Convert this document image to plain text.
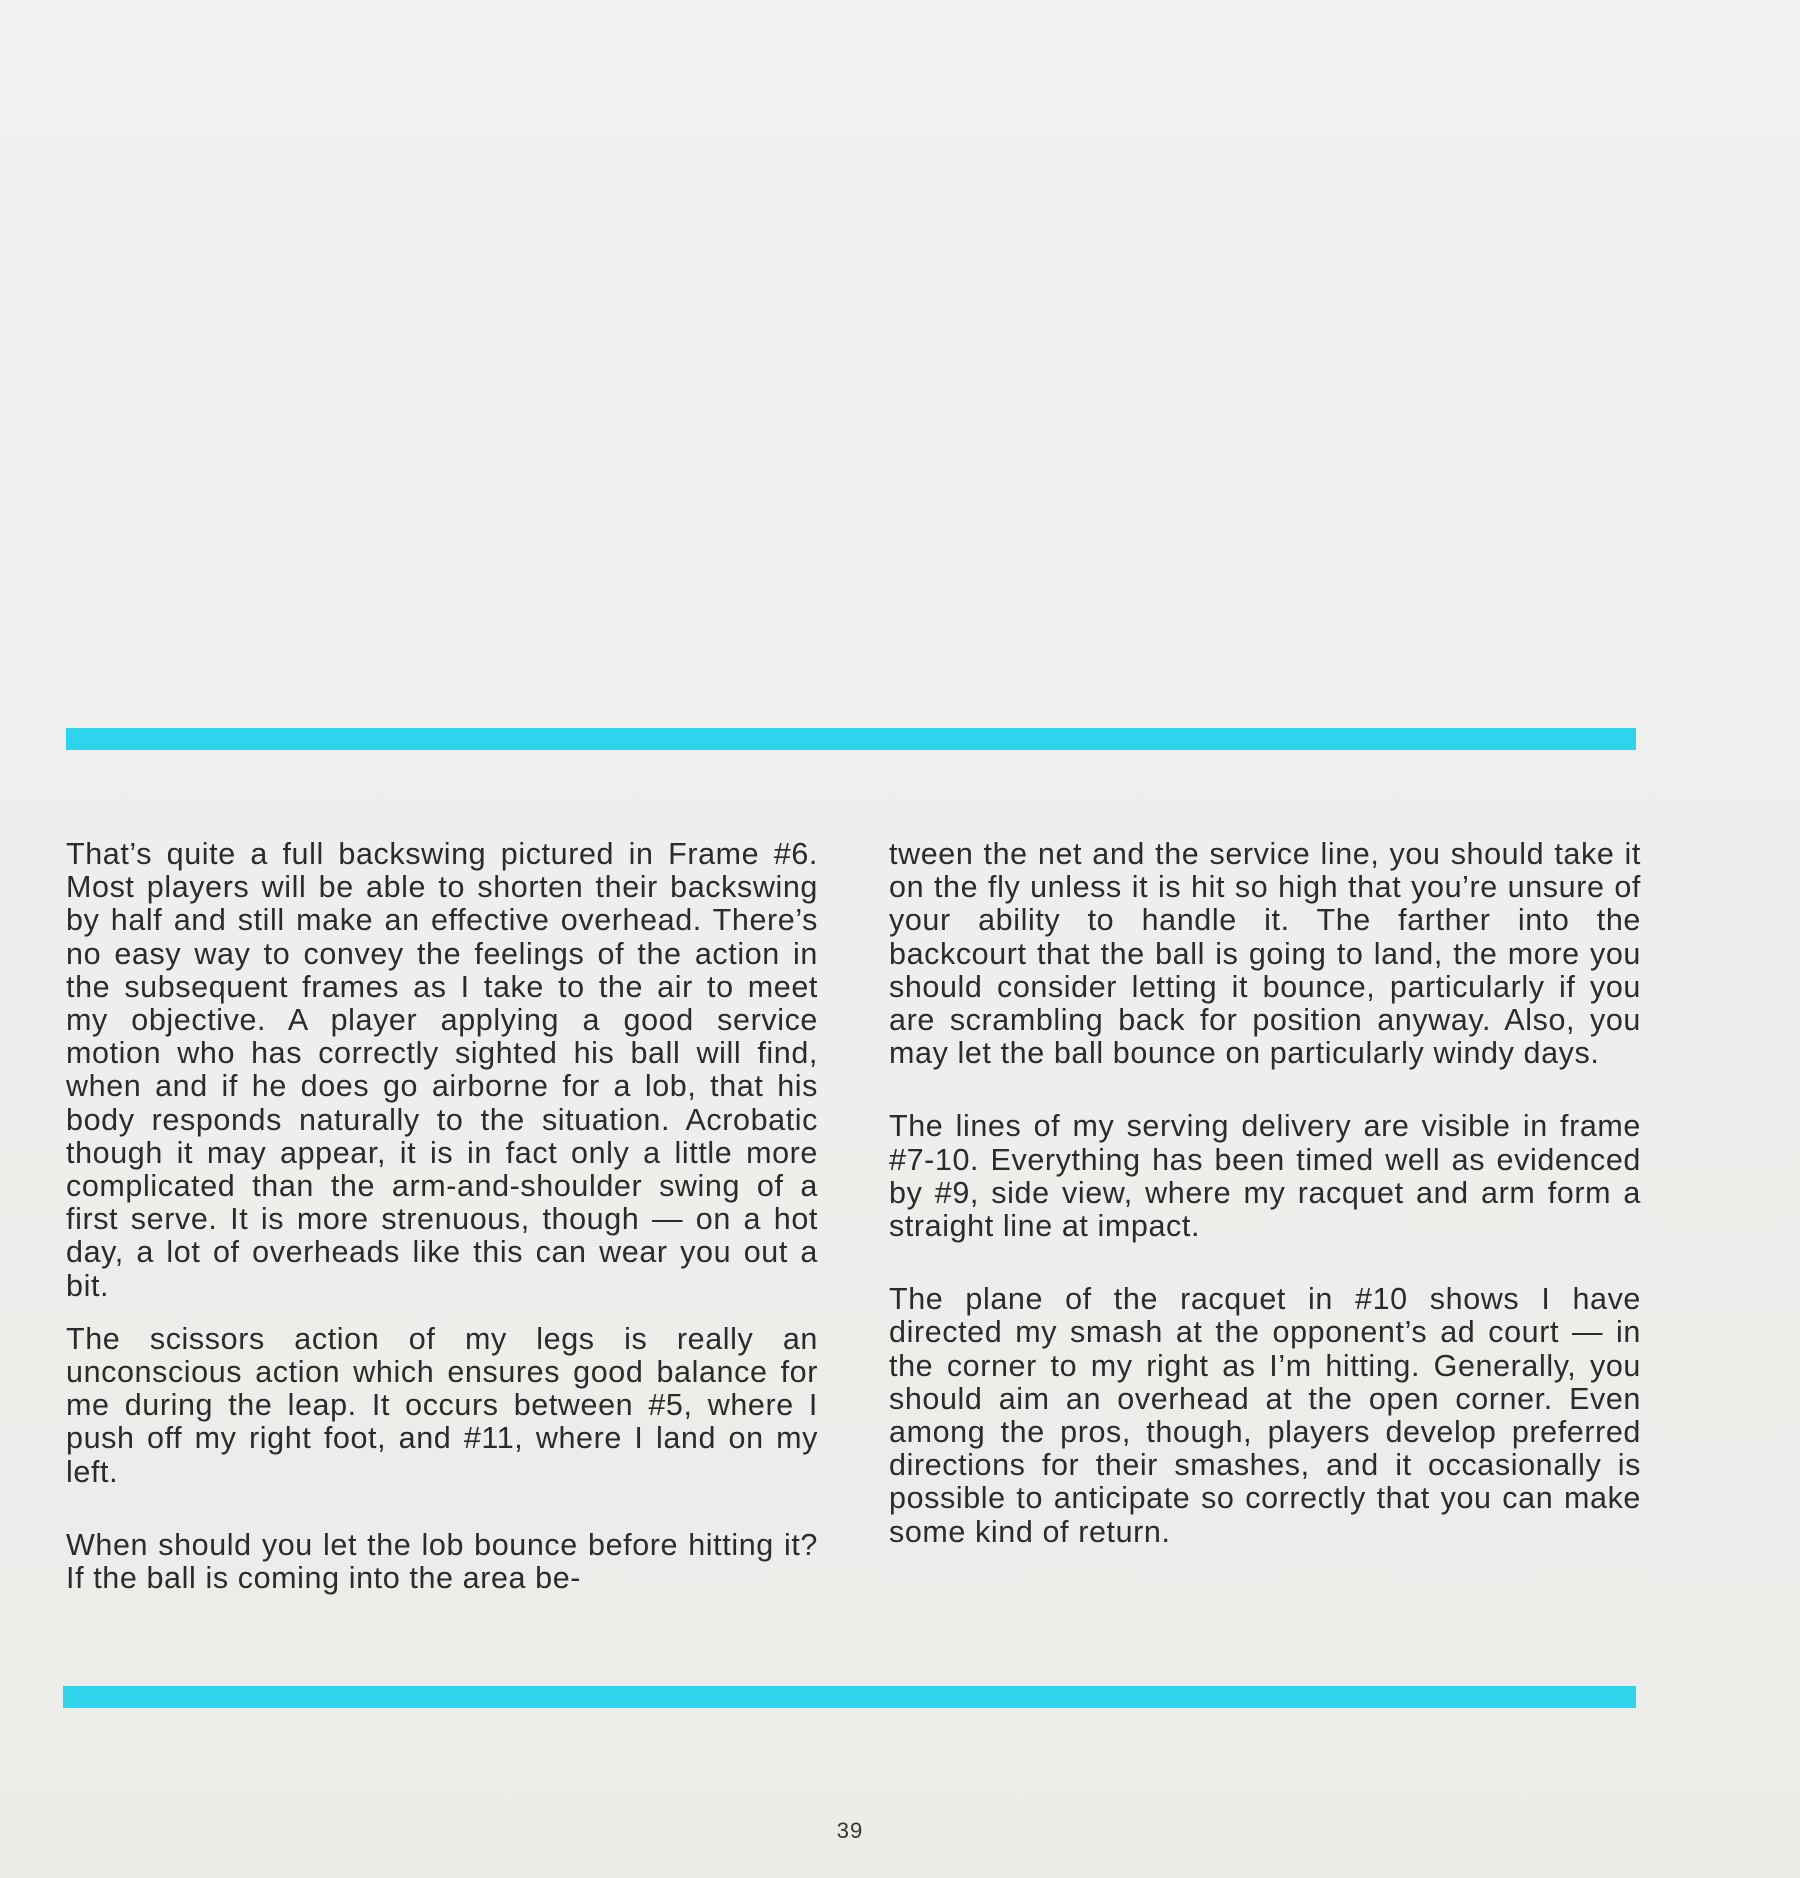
That’s quite a full backswing pictured in Frame #6. Most players will be able to shorten their backswing by half and still make an effective overhead. There’s no easy way to convey the feelings of the action in the subsequent frames as I take to the air to meet my objective. A player applying a good service motion who has correctly sighted his ball will find, when and if he does go airborne for a lob, that his body responds naturally to the situation. Acrobatic though it may appear, it is in fact only a little more complicated than the arm-and-shoulder swing of a first serve. It is more strenuous, though — on a hot day, a lot of overheads like this can wear you out a bit.

The scissors action of my legs is really an unconscious action which ensures good balance for me during the leap. It occurs between #5, where I push off my right foot, and #11, where I land on my left.

When should you let the lob bounce before hitting it? If the ball is coming into the area be-

tween the net and the service line, you should take it on the fly unless it is hit so high that you’re unsure of your ability to handle it. The farther into the backcourt that the ball is going to land, the more you should consider letting it bounce, particularly if you are scrambling back for position anyway. Also, you may let the ball bounce on particularly windy days.

The lines of my serving delivery are visible in frame #7-10. Everything has been timed well as evidenced by #9, side view, where my racquet and arm form a straight line at impact.

The plane of the racquet in #10 shows I have directed my smash at the opponent’s ad court — in the corner to my right as I’m hitting. Generally, you should aim an overhead at the open corner. Even among the pros, though, players develop preferred directions for their smashes, and it occasionally is possible to anticipate so correctly that you can make some kind of return.

39
